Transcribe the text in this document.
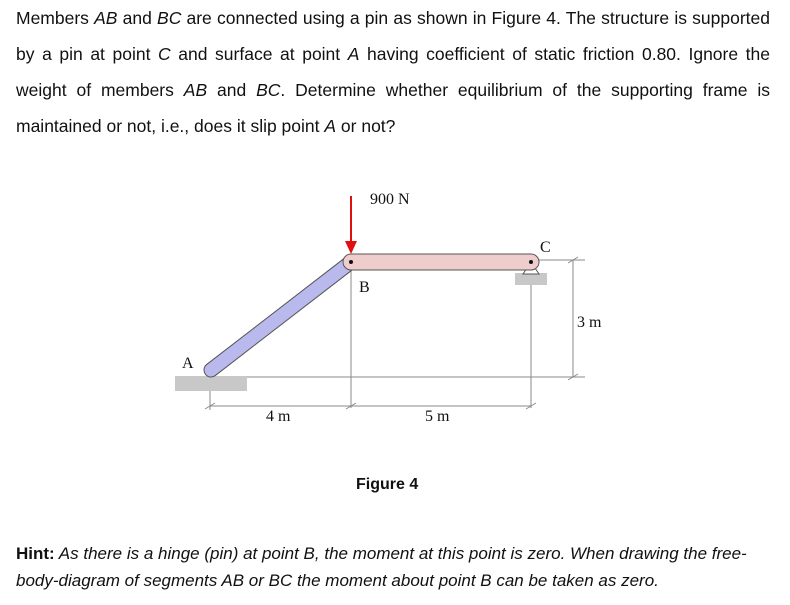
Members AB and BC are connected using a pin as shown in Figure 4. The structure is supported by a pin at point C and surface at point A having coefficient of static friction 0.80. Ignore the weight of members AB and BC. Determine whether equilibrium of the supporting frame is maintained or not, i.e., does it slip point A or not?

900 N
A
B
C
4 m	5 m
3 m
Figure 4
Hint: As there is a hinge (pin) at point B, the moment at this point is zero. When drawing the free-body-diagram of segments AB or BC the moment about point B can be taken as zero.
